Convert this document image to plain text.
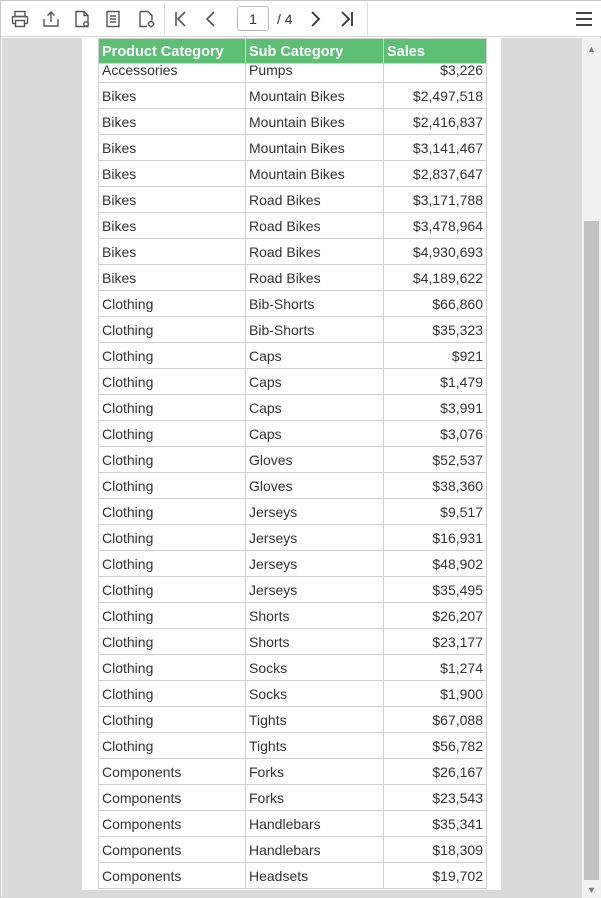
1
/ 4
Product Category	Sub Category	Sales
Accessories	Pumps	$3,226
Bikes	Mountain Bikes	$2,497,518
Bikes	Mountain Bikes	$2,416,837
Bikes	Mountain Bikes	$3,141,467
Bikes	Mountain Bikes	$2,837,647
Bikes	Road Bikes	$3,171,788
Bikes	Road Bikes	$3,478,964
Bikes	Road Bikes	$4,930,693
Bikes	Road Bikes	$4,189,622
Clothing	Bib-Shorts	$66,860
Clothing	Bib-Shorts	$35,323
Clothing	Caps	$921
Clothing	Caps	$1,479
Clothing	Caps	$3,991
Clothing	Caps	$3,076
Clothing	Gloves	$52,537
Clothing	Gloves	$38,360
Clothing	Jerseys	$9,517
Clothing	Jerseys	$16,931
Clothing	Jerseys	$48,902
Clothing	Jerseys	$35,495
Clothing	Shorts	$26,207
Clothing	Shorts	$23,177
Clothing	Socks	$1,274
Clothing	Socks	$1,900
Clothing	Tights	$67,088
Clothing	Tights	$56,782
Components	Forks	$26,167
Components	Forks	$23,543
Components	Handlebars	$35,341
Components	Handlebars	$18,309
Components	Headsets	$19,702
▲
▼
